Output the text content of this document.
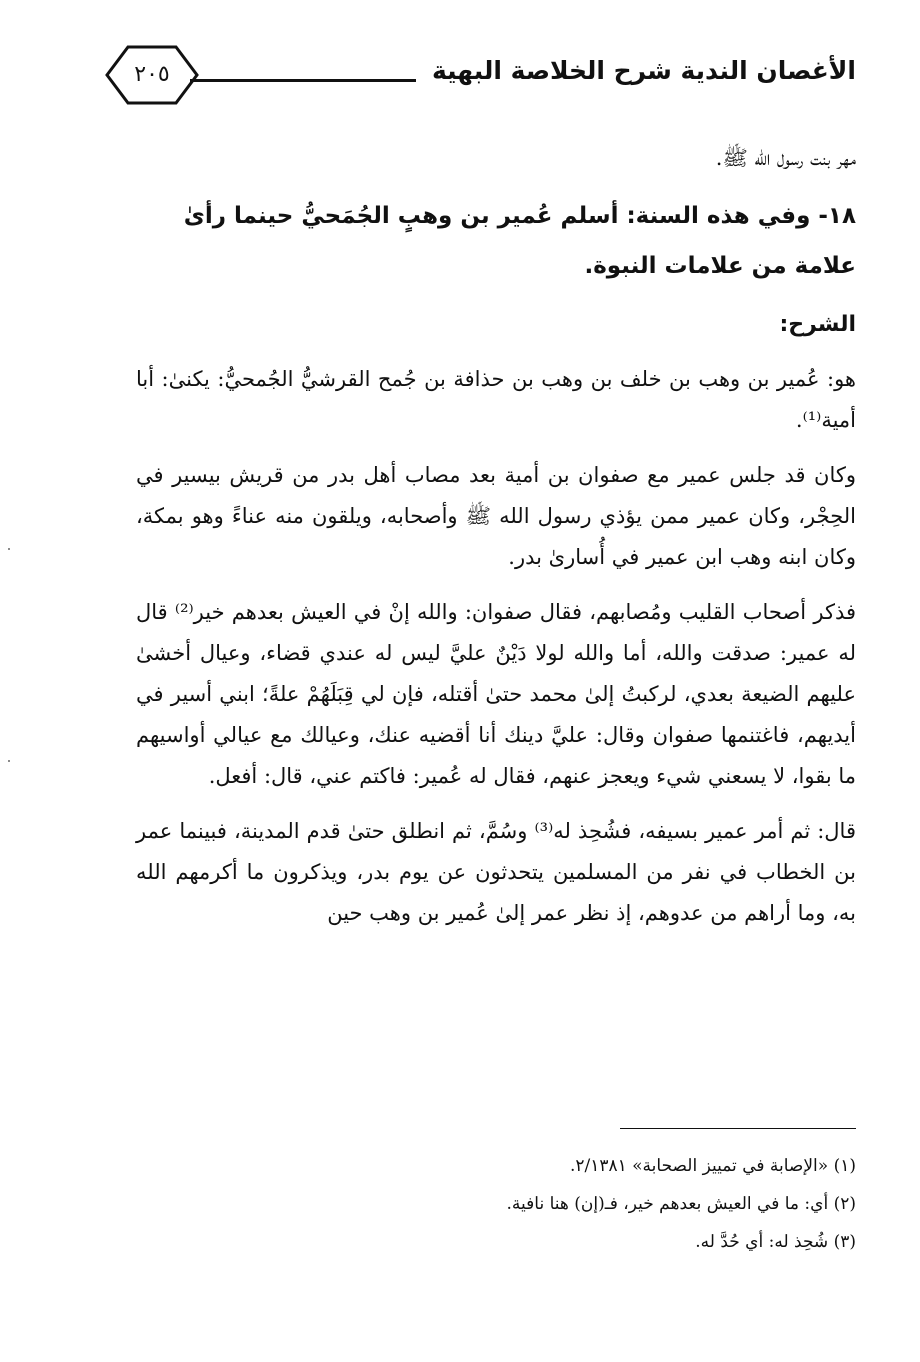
الأغصان الندية شرح الخلاصة البهية
٢٠٥

مهر بنت رسول الله ﷺ.

١٨- وفي هذه السنة: أسلم عُمير بن وهبٍ الجُمَحيُّ حينما رأىٰ علامة من علامات النبوة.
الشرح:

هو: عُمير بن وهب بن خلف بن وهب بن حذافة بن جُمح القرشيُّ الجُمحيُّ: يكنىٰ: أبا أمية⁽¹⁾.

وكان قد جلس عمير مع صفوان بن أمية بعد مصاب أهل بدر من قريش بيسير في الحِجْر، وكان عمير ممن يؤذي رسول الله ﷺ وأصحابه، ويلقون منه عناءً وهو بمكة، وكان ابنه وهب ابن عمير في أُسارىٰ بدر.

فذكر أصحاب القليب ومُصابهم، فقال صفوان: والله إنْ في العيش بعدهم خير⁽²⁾ قال له عمير: صدقت والله، أما والله لولا دَيْنٌ عليَّ ليس له عندي قضاء، وعيال أخشىٰ عليهم الضيعة بعدي، لركبتُ إلىٰ محمد حتىٰ أقتله، فإن لي قِبَلَهُمْ علةً؛ ابني أسير في أيديهم، فاغتنمها صفوان وقال: عليَّ دينك أنا أقضيه عنك، وعيالك مع عيالي أواسيهم ما بقوا، لا يسعني شيء ويعجز عنهم، فقال له عُمير: فاكتم عني، قال: أفعل.

قال: ثم أمر عمير بسيفه، فشُحِذ له⁽³⁾ وسُمَّ، ثم انطلق حتىٰ قدم المدينة، فبينما عمر بن الخطاب في نفر من المسلمين يتحدثون عن يوم بدر، ويذكرون ما أكرمهم الله به، وما أراهم من عدوهم، إذ نظر عمر إلىٰ عُمير بن وهب حين

(١) «الإصابة في تمييز الصحابة» ٢/١٣٨١.
(٢) أي: ما في العيش بعدهم خير، فـ(إن) هنا نافية.
(٣) شُحِذ له: أي حُدَّ له.
